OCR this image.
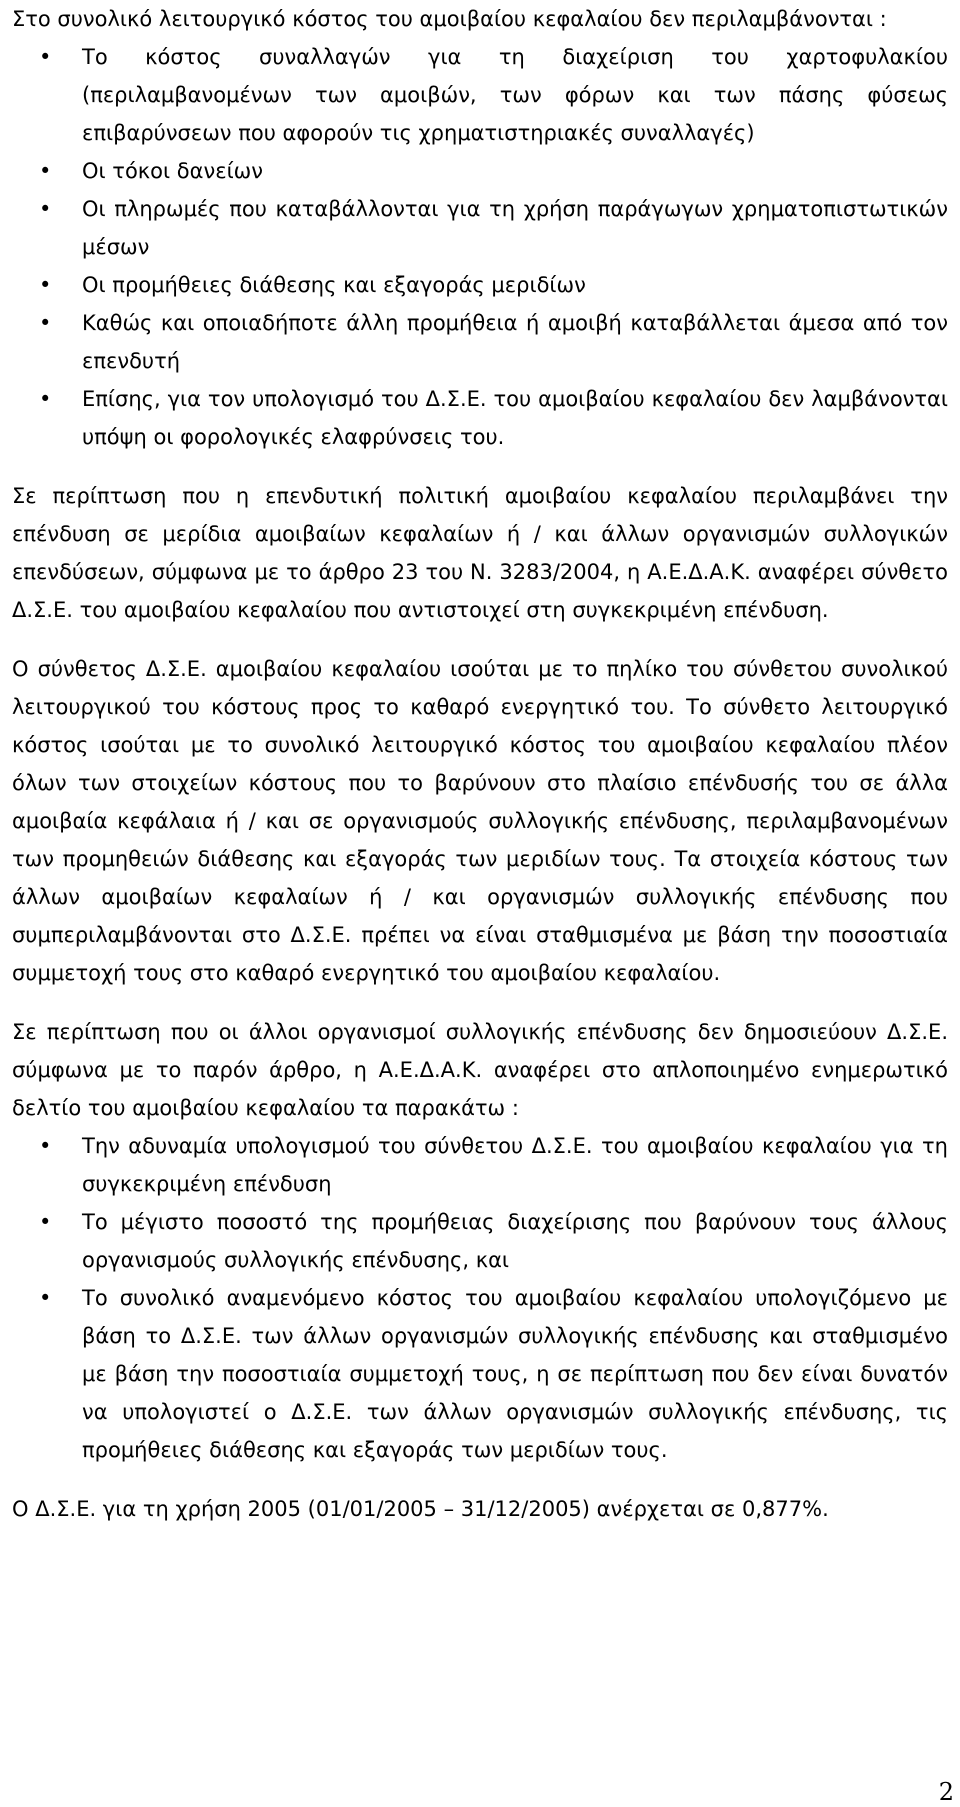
Στο συνολικό λειτουργικό κόστος του αμοιβαίου κεφαλαίου δεν περιλαμβάνονται :

• Το κόστος συναλλαγών για τη διαχείριση του χαρτοφυλακίου (περιλαμβανομένων των αμοιβών, των φόρων και των πάσης φύσεως επιβαρύνσεων που αφορούν τις χρηματιστηριακές συναλλαγές)
• Οι τόκοι δανείων
• Οι πληρωμές που καταβάλλονται για τη χρήση παράγωγων χρηματοπιστωτικών μέσων
• Οι προμήθειες διάθεσης και εξαγοράς μεριδίων
• Καθώς και οποιαδήποτε άλλη προμήθεια ή αμοιβή καταβάλλεται άμεσα από τον επενδυτή
• Επίσης, για τον υπολογισμό του Δ.Σ.Ε. του αμοιβαίου κεφαλαίου δεν λαμβάνονται υπόψη οι φορολογικές ελαφρύνσεις του.

Σε περίπτωση που η επενδυτική πολιτική αμοιβαίου κεφαλαίου περιλαμβάνει την επένδυση σε μερίδια αμοιβαίων κεφαλαίων ή / και άλλων οργανισμών συλλογικών επενδύσεων, σύμφωνα με το άρθρο 23 του Ν. 3283/2004, η Α.Ε.Δ.Α.Κ. αναφέρει σύνθετο Δ.Σ.Ε. του αμοιβαίου κεφαλαίου που αντιστοιχεί στη συγκεκριμένη επένδυση.

Ο σύνθετος Δ.Σ.Ε. αμοιβαίου κεφαλαίου ισούται με το πηλίκο του σύνθετου συνολικού λειτουργικού του κόστους προς το καθαρό ενεργητικό του. Το σύνθετο λειτουργικό κόστος ισούται με το συνολικό λειτουργικό κόστος του αμοιβαίου κεφαλαίου πλέον όλων των στοιχείων κόστους που το βαρύνουν στο πλαίσιο επένδυσής του σε άλλα αμοιβαία κεφάλαια ή / και σε οργανισμούς συλλογικής επένδυσης, περιλαμβανομένων των προμηθειών διάθεσης και εξαγοράς των μεριδίων τους. Τα στοιχεία κόστους των άλλων αμοιβαίων κεφαλαίων ή / και οργανισμών συλλογικής επένδυσης που συμπεριλαμβάνονται στο Δ.Σ.Ε. πρέπει να είναι σταθμισμένα με βάση την ποσοστιαία συμμετοχή τους στο καθαρό ενεργητικό του αμοιβαίου κεφαλαίου.

Σε περίπτωση που οι άλλοι οργανισμοί συλλογικής επένδυσης δεν δημοσιεύουν Δ.Σ.Ε. σύμφωνα με το παρόν άρθρο, η Α.Ε.Δ.Α.Κ. αναφέρει στο απλοποιημένο ενημερωτικό δελτίο του αμοιβαίου κεφαλαίου τα παρακάτω :

• Την αδυναμία υπολογισμού του σύνθετου Δ.Σ.Ε. του αμοιβαίου κεφαλαίου για τη συγκεκριμένη επένδυση
• Το μέγιστο ποσοστό της προμήθειας διαχείρισης που βαρύνουν τους άλλους οργανισμούς συλλογικής επένδυσης, και
• Το συνολικό αναμενόμενο κόστος του αμοιβαίου κεφαλαίου υπολογιζόμενο με βάση το Δ.Σ.Ε. των άλλων οργανισμών συλλογικής επένδυσης και σταθμισμένο με βάση την ποσοστιαία συμμετοχή τους, η σε περίπτωση που δεν είναι δυνατόν να υπολογιστεί ο Δ.Σ.Ε. των άλλων οργανισμών συλλογικής επένδυσης, τις προμήθειες διάθεσης και εξαγοράς των μεριδίων τους.

Ο Δ.Σ.Ε. για τη χρήση 2005 (01/01/2005 – 31/12/2005) ανέρχεται σε 0,877%.

2
